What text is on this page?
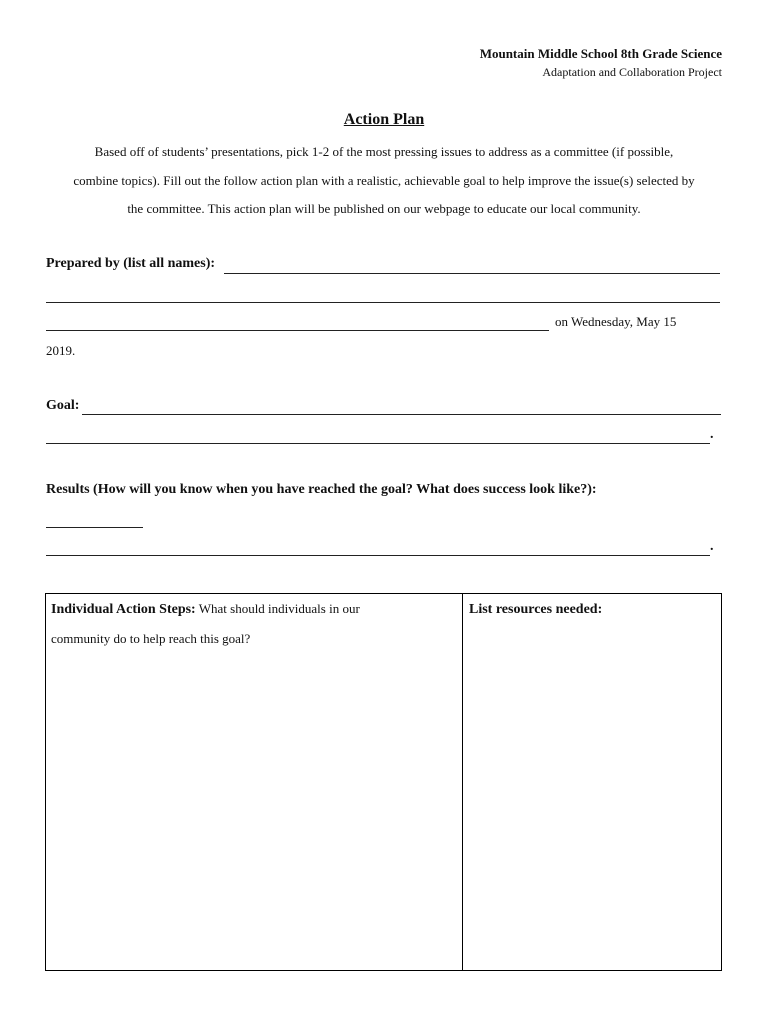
Mountain Middle School 8th Grade Science
Adaptation and Collaboration Project
Action Plan
Based off of students’ presentations, pick 1-2 of the most pressing issues to address as a committee (if possible,
combine topics). Fill out the follow action plan with a realistic, achievable goal to help improve the issue(s) selected by
the committee. This action plan will be published on our webpage to educate our local community.
Prepared by (list all names):
on Wednesday, May 15
2019.
Goal:
.
Results (How will you know when you have reached the goal? What does success look like?):
.
Individual Action Steps: What should individuals in our community do to help reach this goal?
List resources needed:
